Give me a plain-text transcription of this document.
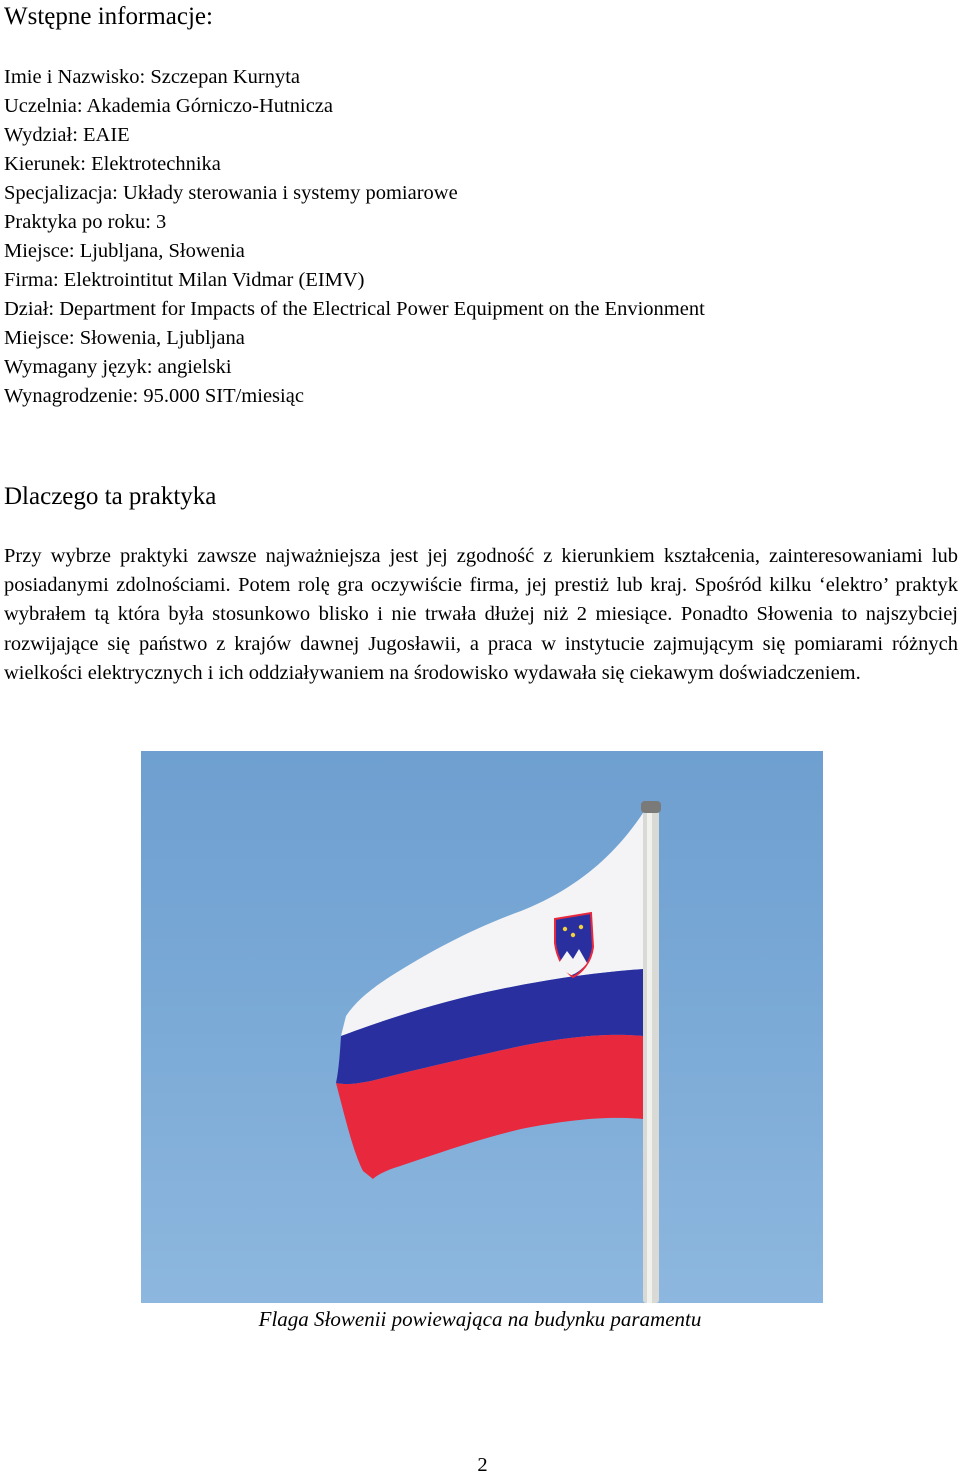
Wstępne informacje:
Imie i Nazwisko: Szczepan Kurnyta
Uczelnia: Akademia Górniczo-Hutnicza
Wydział: EAIE
Kierunek: Elektrotechnika
Specjalizacja: Układy sterowania i systemy pomiarowe
Praktyka po roku: 3
Miejsce: Ljubljana, Słowenia
Firma: Elektrointitut Milan Vidmar (EIMV)
Dział: Department for Impacts of the Electrical Power Equipment on the Envionment
Miejsce: Słowenia, Ljubljana
Wymagany język: angielski
Wynagrodzenie: 95.000 SIT/miesiąc
Dlaczego ta praktyka

Przy wybrze praktyki zawsze najważniejsza jest jej zgodność z kierunkiem kształcenia, zainteresowaniami lub posiadanymi zdolnościami. Potem rolę gra oczywiście firma, jej prestiż lub kraj. Spośród kilku ‘elektro’ praktyk wybrałem tą która była stosunkowo blisko i nie trwała dłużej niż 2 miesiące. Ponadto Słowenia to najszybciej rozwijające się państwo z krajów dawnej Jugosławii, a praca w instytucie zajmującym się pomiarami różnych wielkości elektrycznych i ich oddziaływaniem na środowisko wydawała się ciekawym doświadczeniem.

Flaga Słowenii powiewająca na budynku paramentu
2
